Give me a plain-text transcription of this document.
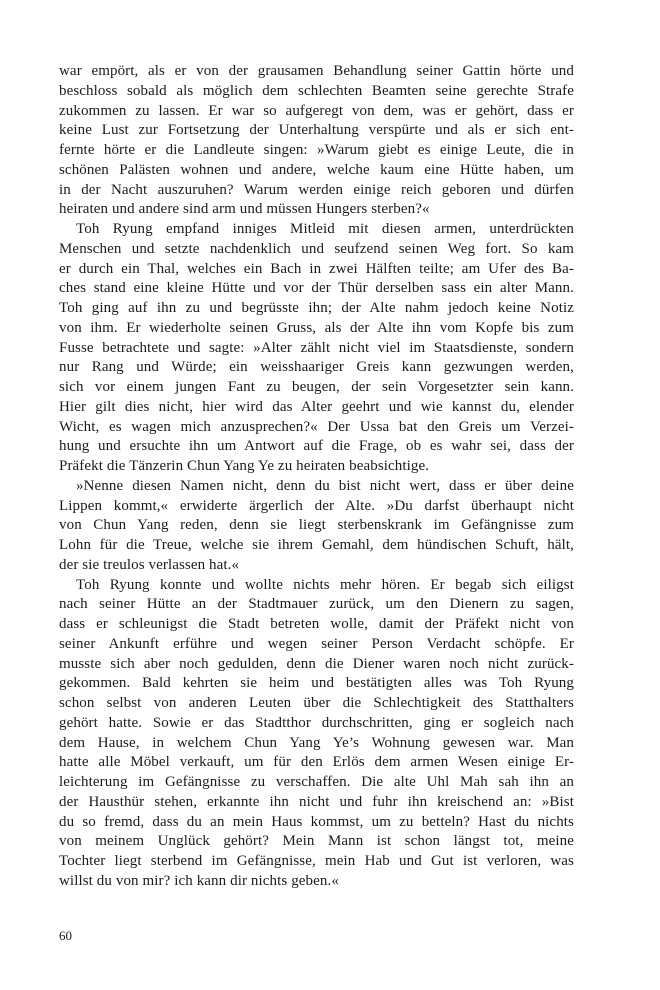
war empört, als er von der grausamen Behandlung seiner Gattin hörte und
beschloss sobald als möglich dem schlechten Beamten seine gerechte Strafe
zukommen zu lassen. Er war so aufgeregt von dem, was er gehört, dass er
keine Lust zur Fortsetzung der Unterhaltung verspürte und als er sich ent-
fernte hörte er die Landleute singen: »Warum giebt es einige Leute, die in
schönen Palästen wohnen und andere, welche kaum eine Hütte haben, um
in der Nacht auszuruhen? Warum werden einige reich geboren und dürfen
heiraten und andere sind arm und müssen Hungers sterben?«
Toh Ryung empfand inniges Mitleid mit diesen armen, unterdrückten
Menschen und setzte nachdenklich und seufzend seinen Weg fort. So kam
er durch ein Thal, welches ein Bach in zwei Hälften teilte; am Ufer des Ba-
ches stand eine kleine Hütte und vor der Thür derselben sass ein alter Mann.
Toh ging auf ihn zu und begrüsste ihn; der Alte nahm jedoch keine Notiz
von ihm. Er wiederholte seinen Gruss, als der Alte ihn vom Kopfe bis zum
Fusse betrachtete und sagte: »Alter zählt nicht viel im Staatsdienste, sondern
nur Rang und Würde; ein weisshaariger Greis kann gezwungen werden,
sich vor einem jungen Fant zu beugen, der sein Vorgesetzter sein kann.
Hier gilt dies nicht, hier wird das Alter geehrt und wie kannst du, elender
Wicht, es wagen mich anzusprechen?« Der Ussa bat den Greis um Verzei-
hung und ersuchte ihn um Antwort auf die Frage, ob es wahr sei, dass der
Präfekt die Tänzerin Chun Yang Ye zu heiraten beabsichtige.
»Nenne diesen Namen nicht, denn du bist nicht wert, dass er über deine
Lippen kommt,« erwiderte ärgerlich der Alte. »Du darfst überhaupt nicht
von Chun Yang reden, denn sie liegt sterbenskrank im Gefängnisse zum
Lohn für die Treue, welche sie ihrem Gemahl, dem hündischen Schuft, hält,
der sie treulos verlassen hat.«
Toh Ryung konnte und wollte nichts mehr hören. Er begab sich eiligst
nach seiner Hütte an der Stadtmauer zurück, um den Dienern zu sagen,
dass er schleunigst die Stadt betreten wolle, damit der Präfekt nicht von
seiner Ankunft erführe und wegen seiner Person Verdacht schöpfe. Er
musste sich aber noch gedulden, denn die Diener waren noch nicht zurück-
gekommen. Bald kehrten sie heim und bestätigten alles was Toh Ryung
schon selbst von anderen Leuten über die Schlechtigkeit des Statthalters
gehört hatte. Sowie er das Stadtthor durchschritten, ging er sogleich nach
dem Hause, in welchem Chun Yang Ye’s Wohnung gewesen war. Man
hatte alle Möbel verkauft, um für den Erlös dem armen Wesen einige Er-
leichterung im Gefängnisse zu verschaffen. Die alte Uhl Mah sah ihn an
der Hausthür stehen, erkannte ihn nicht und fuhr ihn kreischend an: »Bist
du so fremd, dass du an mein Haus kommst, um zu betteln? Hast du nichts
von meinem Unglück gehört? Mein Mann ist schon längst tot, meine
Tochter liegt sterbend im Gefängnisse, mein Hab und Gut ist verloren, was
willst du von mir? ich kann dir nichts geben.«
60
